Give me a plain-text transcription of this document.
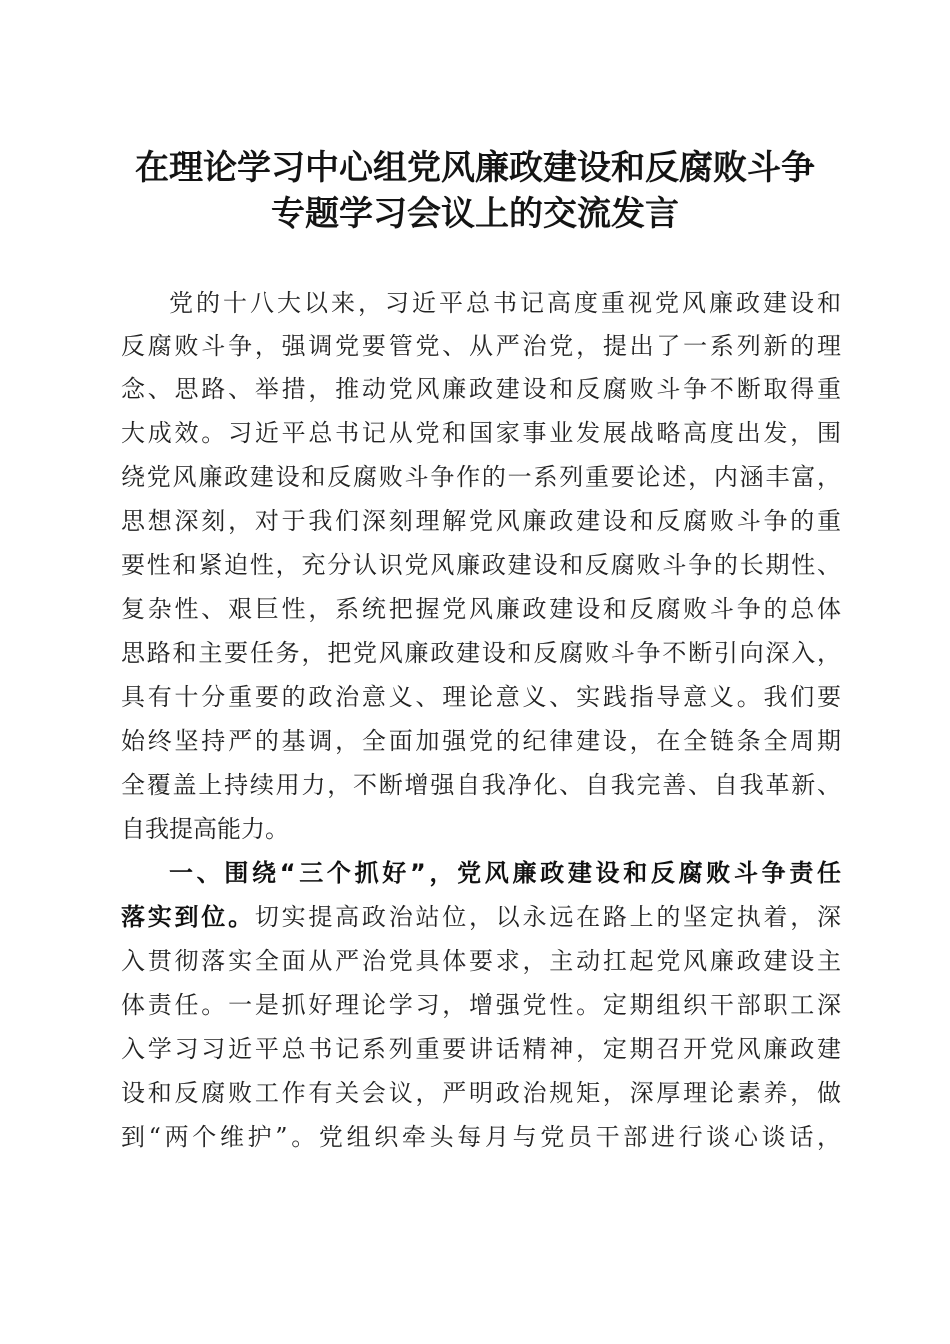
在理论学习中心组党风廉政建设和反腐败斗争
专题学习会议上的交流发言
党的十八大以来，习近平总书记高度重视党风廉政建设和
反腐败斗争，强调党要管党、从严治党，提出了一系列新的理
念、思路、举措，推动党风廉政建设和反腐败斗争不断取得重
大成效。习近平总书记从党和国家事业发展战略高度出发，围
绕党风廉政建设和反腐败斗争作的一系列重要论述，内涵丰富，
思想深刻，对于我们深刻理解党风廉政建设和反腐败斗争的重
要性和紧迫性，充分认识党风廉政建设和反腐败斗争的长期性、
复杂性、艰巨性，系统把握党风廉政建设和反腐败斗争的总体
思路和主要任务，把党风廉政建设和反腐败斗争不断引向深入，
具有十分重要的政治意义、理论意义、实践指导意义。我们要
始终坚持严的基调，全面加强党的纪律建设，在全链条全周期
全覆盖上持续用力，不断增强自我净化、自我完善、自我革新、
自我提高能力。
一、围绕“三个抓好”，党风廉政建设和反腐败斗争责任
落实到位。切实提高政治站位，以永远在路上的坚定执着，深
入贯彻落实全面从严治党具体要求，主动扛起党风廉政建设主
体责任。一是抓好理论学习，增强党性。定期组织干部职工深
入学习习近平总书记系列重要讲话精神，定期召开党风廉政建
设和反腐败工作有关会议，严明政治规矩，深厚理论素养，做
到“两个维护”。党组织牵头每月与党员干部进行谈心谈话，
